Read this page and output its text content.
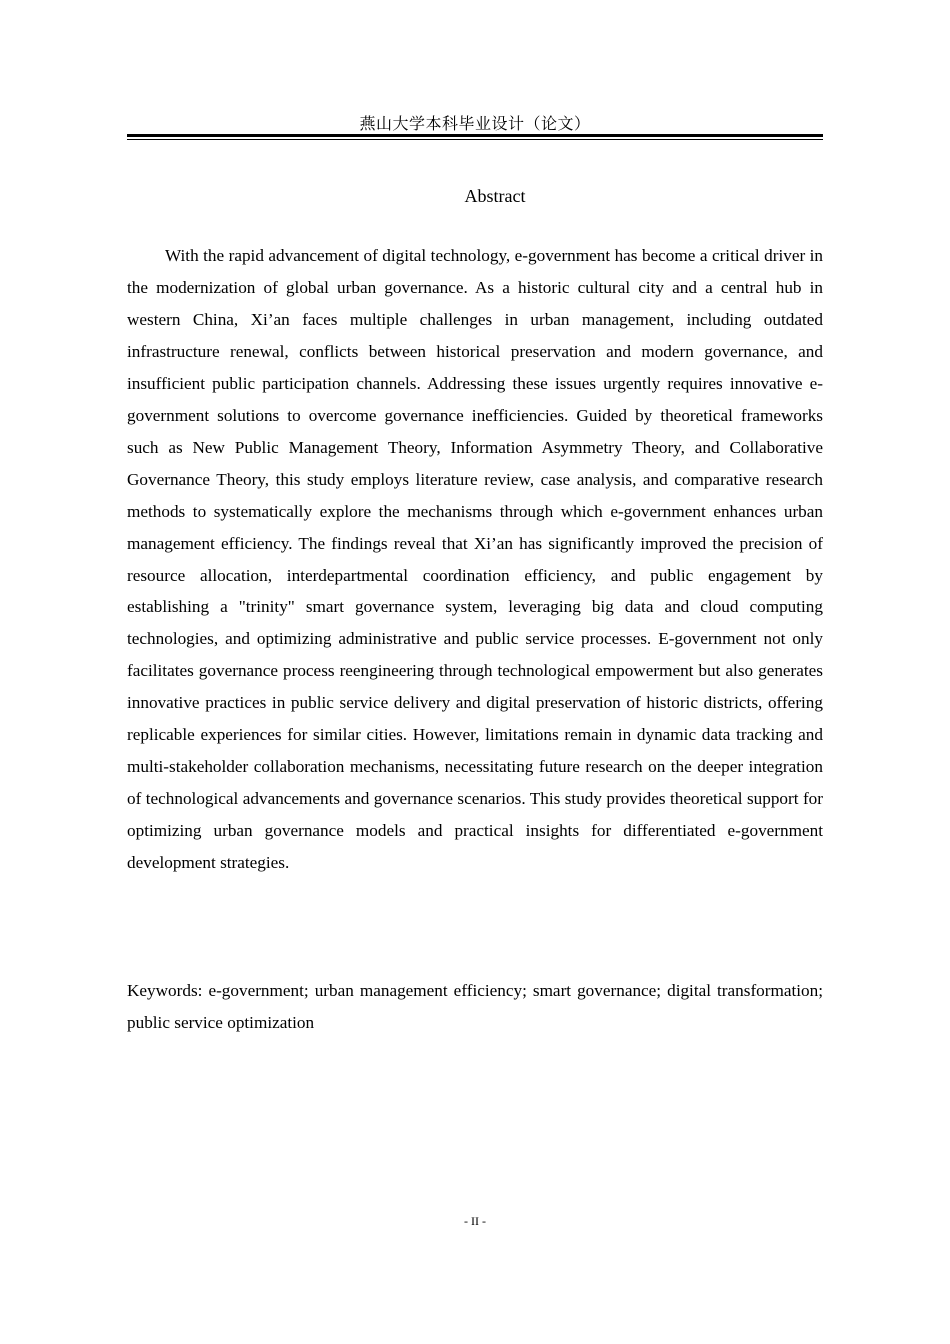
燕山大学本科毕业设计（论文）
Abstract

With the rapid advancement of digital technology, e-government has become a critical driver in the modernization of global urban governance. As a historic cultural city and a central hub in western China, Xi’an faces multiple challenges in urban management, including outdated infrastructure renewal, conflicts between historical preservation and modern governance, and insufficient public participation channels. Addressing these issues urgently requires innovative e-government solutions to overcome governance inefficiencies. Guided by theoretical frameworks such as New Public Management Theory, Information Asymmetry Theory, and Collaborative Governance Theory, this study employs literature review, case analysis, and comparative research methods to systematically explore the mechanisms through which e-government enhances urban management efficiency. The findings reveal that Xi’an has significantly improved the precision of resource allocation, interdepartmental coordination efficiency, and public engagement by establishing a "trinity" smart governance system, leveraging big data and cloud computing technologies, and optimizing administrative and public service processes. E-government not only facilitates governance process reengineering through technological empowerment but also generates innovative practices in public service delivery and digital preservation of historic districts, offering replicable experiences for similar cities. However, limitations remain in dynamic data tracking and multi-stakeholder collaboration mechanisms, necessitating future research on the deeper integration of technological advancements and governance scenarios. This study provides theoretical support for optimizing urban governance models and practical insights for differentiated e-government development strategies.

Keywords: e-government; urban management efficiency; smart governance; digital transformation; public service optimization

- II -
